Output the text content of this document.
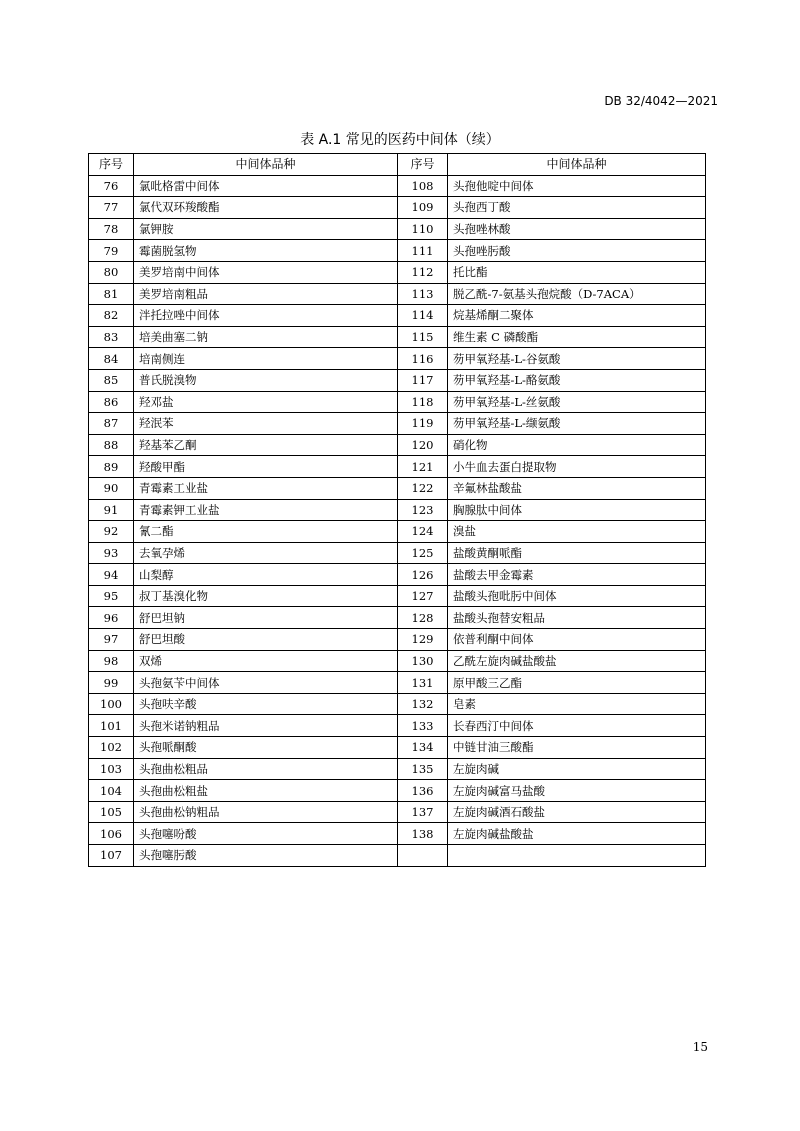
DB 32/4042—2021
表 A.1 常见的医药中间体（续）
序号	中间体品种	序号	中间体品种
76	氯吡格雷中间体	108	头孢他啶中间体
77	氯代双环羧酸酯	109	头孢西丁酸
78	氯钾胺	110	头孢唑林酸
79	霉菌脱氢物	111	头孢唑肟酸
80	美罗培南中间体	112	托比酯
81	美罗培南粗品	113	脱乙酰-7-氨基头孢烷酸（D-7ACA）
82	泮托拉唑中间体	114	烷基烯酮二聚体
83	培美曲塞二钠	115	维生素 C 磷酸酯
84	培南侧连	116	芴甲氧羟基-L-谷氨酸
85	普氏脱溴物	117	芴甲氧羟基-L-酪氨酸
86	羟邓盐	118	芴甲氧羟基-L-丝氨酸
87	羟泯苯	119	芴甲氧羟基-L-缬氨酸
88	羟基苯乙酮	120	硝化物
89	羟酸甲酯	121	小牛血去蛋白提取物
90	青霉素工业盐	122	辛氟林盐酸盐
91	青霉素钾工业盐	123	胸腺肽中间体
92	氰二酯	124	溴盐
93	去氧孕烯	125	盐酸黄酮哌酯
94	山梨醇	126	盐酸去甲金霉素
95	叔丁基溴化物	127	盐酸头孢吡肟中间体
96	舒巴坦钠	128	盐酸头孢替安粗品
97	舒巴坦酸	129	依普利酮中间体
98	双烯	130	乙酰左旋肉碱盐酸盐
99	头孢氨苄中间体	131	原甲酸三乙酯
100	头孢呋辛酸	132	皂素
101	头孢米诺钠粗品	133	长春西汀中间体
102	头孢哌酮酸	134	中链甘油三酸酯
103	头孢曲松粗品	135	左旋肉碱
104	头孢曲松粗盐	136	左旋肉碱富马盐酸
105	头孢曲松钠粗品	137	左旋肉碱酒石酸盐
106	头孢噻吩酸	138	左旋肉碱盐酸盐
107	头孢噻肟酸		
15
